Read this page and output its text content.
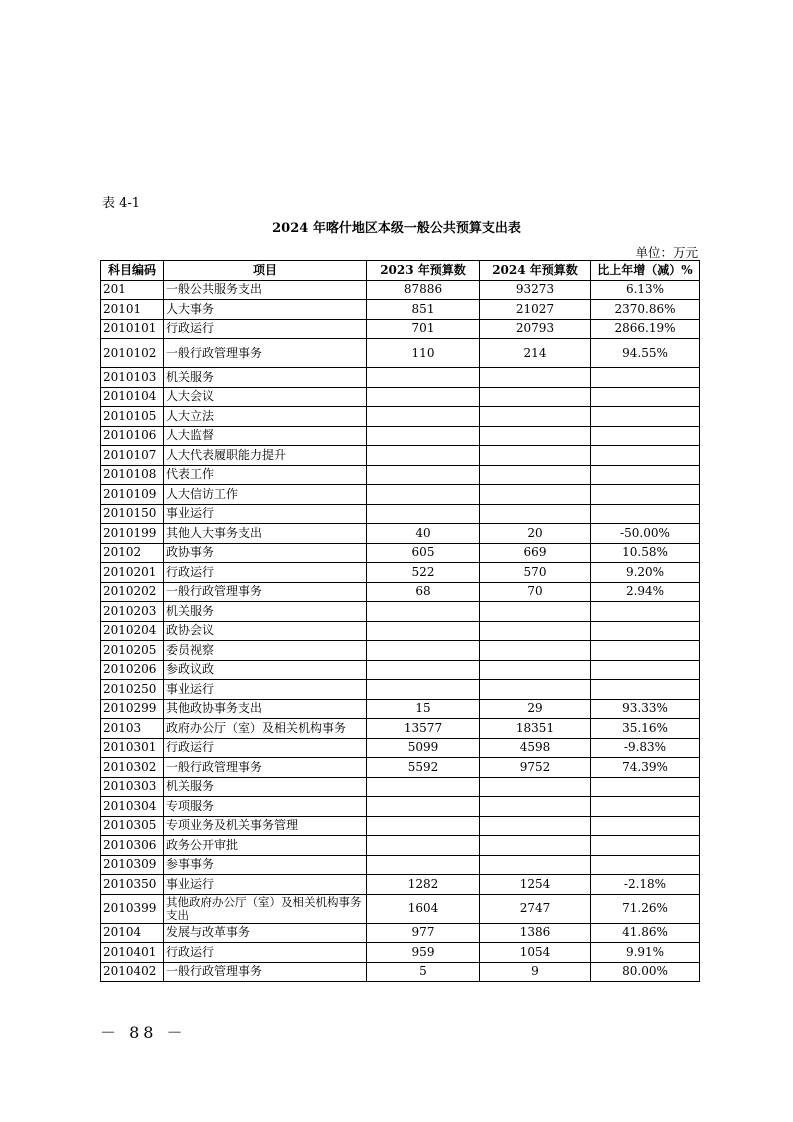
表 4-1
2024 年喀什地区本级一般公共预算支出表
单位：万元
科目编码	项目	2023 年预算数	2024 年预算数	比上年增（减）%
201	一般公共服务支出	87886	93273	6.13%
20101	人大事务	851	21027	2370.86%
2010101	行政运行	701	20793	2866.19%
2010102	一般行政管理事务	110	214	94.55%
2010103	机关服务			
2010104	人大会议			
2010105	人大立法			
2010106	人大监督			
2010107	人大代表履职能力提升			
2010108	代表工作			
2010109	人大信访工作			
2010150	事业运行			
2010199	其他人大事务支出	40	20	-50.00%
20102	政协事务	605	669	10.58%
2010201	行政运行	522	570	9.20%
2010202	一般行政管理事务	68	70	2.94%
2010203	机关服务			
2010204	政协会议			
2010205	委员视察			
2010206	参政议政			
2010250	事业运行			
2010299	其他政协事务支出	15	29	93.33%
20103	政府办公厅（室）及相关机构事务	13577	18351	35.16%
2010301	行政运行	5099	4598	-9.83%
2010302	一般行政管理事务	5592	9752	74.39%
2010303	机关服务			
2010304	专项服务			
2010305	专项业务及机关事务管理			
2010306	政务公开审批			
2010309	参事事务			
2010350	事业运行	1282	1254	-2.18%
2010399	其他政府办公厅（室）及相关机构事务支出	1604	2747	71.26%
20104	发展与改革事务	977	1386	41.86%
2010401	行政运行	959	1054	9.91%
2010402	一般行政管理事务	5	9	80.00%
－ 88 －
